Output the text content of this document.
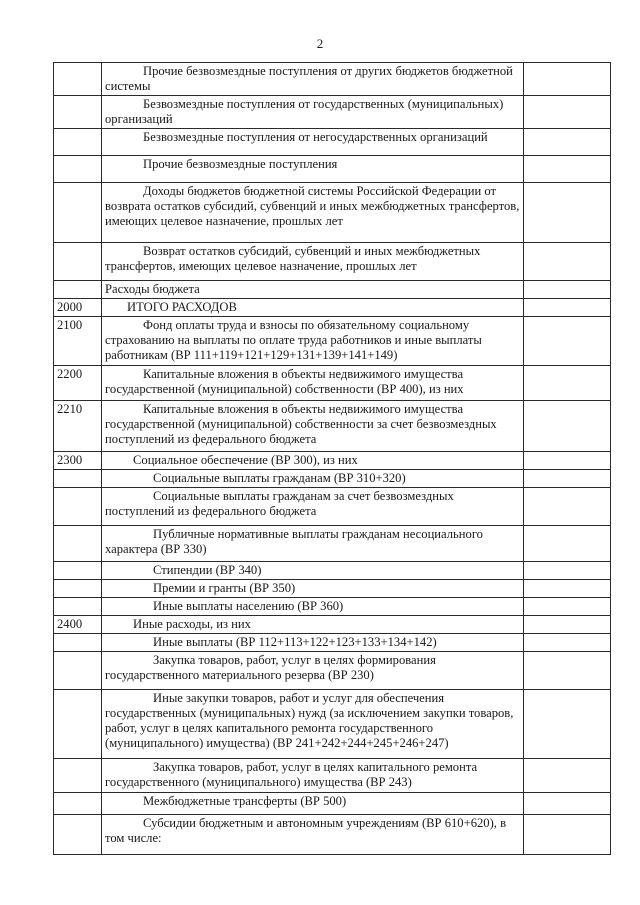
2
	Прочие безвозмездные поступления от других бюджетов бюджетной системы	
	Безвозмездные поступления от государственных (муниципальных) организаций	
	Безвозмездные поступления от негосударственных организаций	
	Прочие безвозмездные поступления	
	Доходы бюджетов бюджетной системы Российской Федерации от возврата остатков субсидий, субвенций и иных межбюджетных трансфертов, имеющих целевое назначение, прошлых лет	
	Возврат остатков субсидий, субвенций и иных межбюджетных трансфертов, имеющих целевое назначение, прошлых лет	
	Расходы бюджета	
2000	ИТОГО РАСХОДОВ	
2100	Фонд оплаты труда и взносы по обязательному социальному страхованию на выплаты по оплате труда работников и иные выплаты работникам (ВР 111+119+121+129+131+139+141+149)	
2200	Капитальные вложения в объекты недвижимого имущества государственной (муниципальной) собственности (ВР 400), из них	
2210	Капитальные вложения в объекты недвижимого имущества государственной (муниципальной) собственности за счет безвозмездных поступлений из федерального бюджета	
2300	Социальное обеспечение (ВР 300), из них	
	Социальные выплаты гражданам (ВР 310+320)	
	Социальные выплаты гражданам за счет безвозмездных поступлений из федерального бюджета	
	Публичные нормативные выплаты гражданам несоциального характера (ВР 330)	
	Стипендии (ВР 340)	
	Премии и гранты (ВР 350)	
	Иные выплаты населению (ВР 360)	
2400	Иные расходы, из них	
	Иные выплаты (ВР 112+113+122+123+133+134+142)	
	Закупка товаров, работ, услуг в целях формирования государственного материального резерва (ВР 230)	
	Иные закупки товаров, работ и услуг для обеспечения государственных (муниципальных) нужд (за исключением закупки товаров, работ, услуг в целях капитального ремонта государственного (муниципального) имущества) (ВР 241+242+244+245+246+247)	
	Закупка товаров, работ, услуг в целях капитального ремонта государственного (муниципального) имущества (ВР 243)	
	Межбюджетные трансферты (ВР 500)	
	Субсидии бюджетным и автономным учреждениям (ВР 610+620), в том числе:	
